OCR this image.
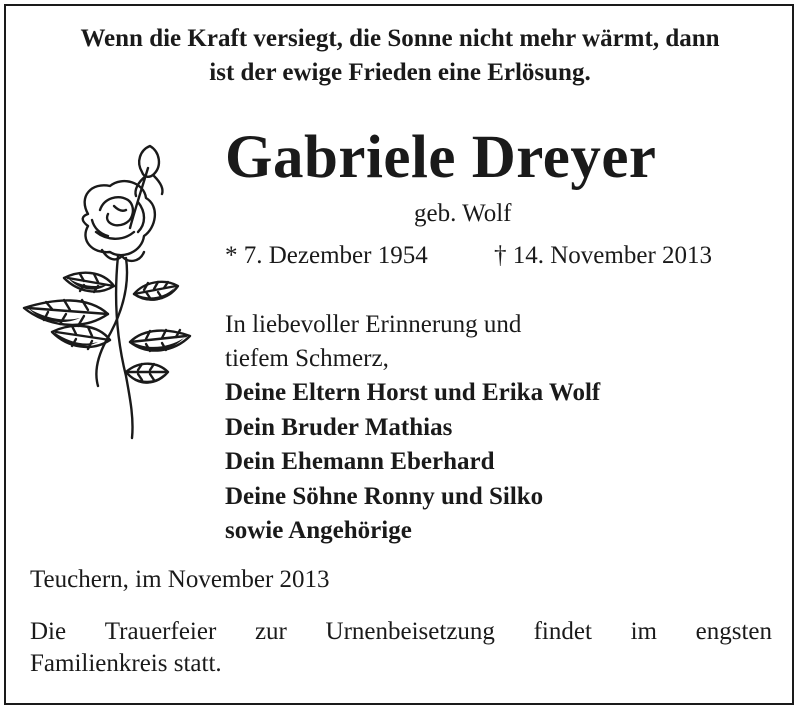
Wenn die Kraft versiegt, die Sonne nicht mehr wärmt, dann
ist der ewige Frieden eine Erlösung.
Gabriele Dreyer
geb. Wolf
* 7. Dezember 1954	† 14. November 2013
In liebevoller Erinnerung und
tiefem Schmerz,
Deine Eltern Horst und Erika Wolf
Dein Bruder Mathias
Dein Ehemann Eberhard
Deine Söhne Ronny und Silko
sowie Angehörige
Teuchern, im November 2013
Die Trauerfeier zur Urnenbeisetzung findet im engsten
Familienkreis statt.
